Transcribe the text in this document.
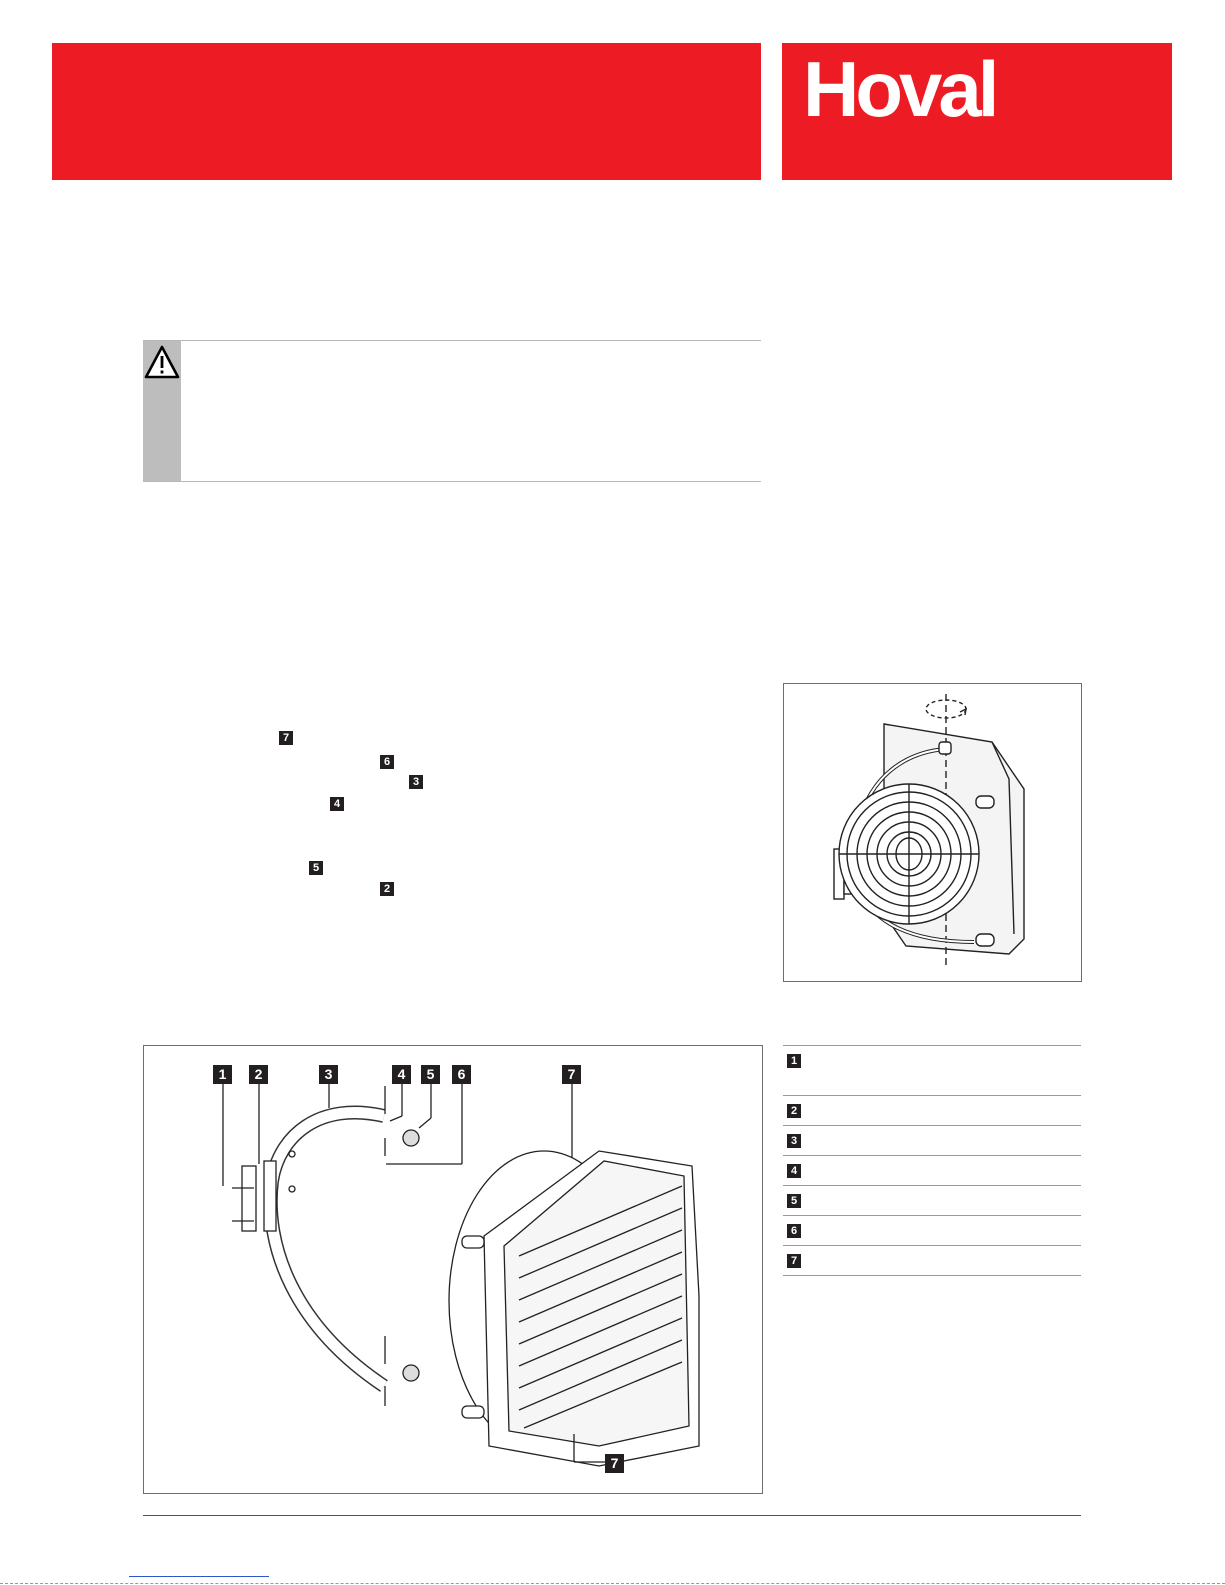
Hoval
7
6
3
4
5
2
1	2	3	4	5	6	7
7
1
2
3
4
5
6
7
